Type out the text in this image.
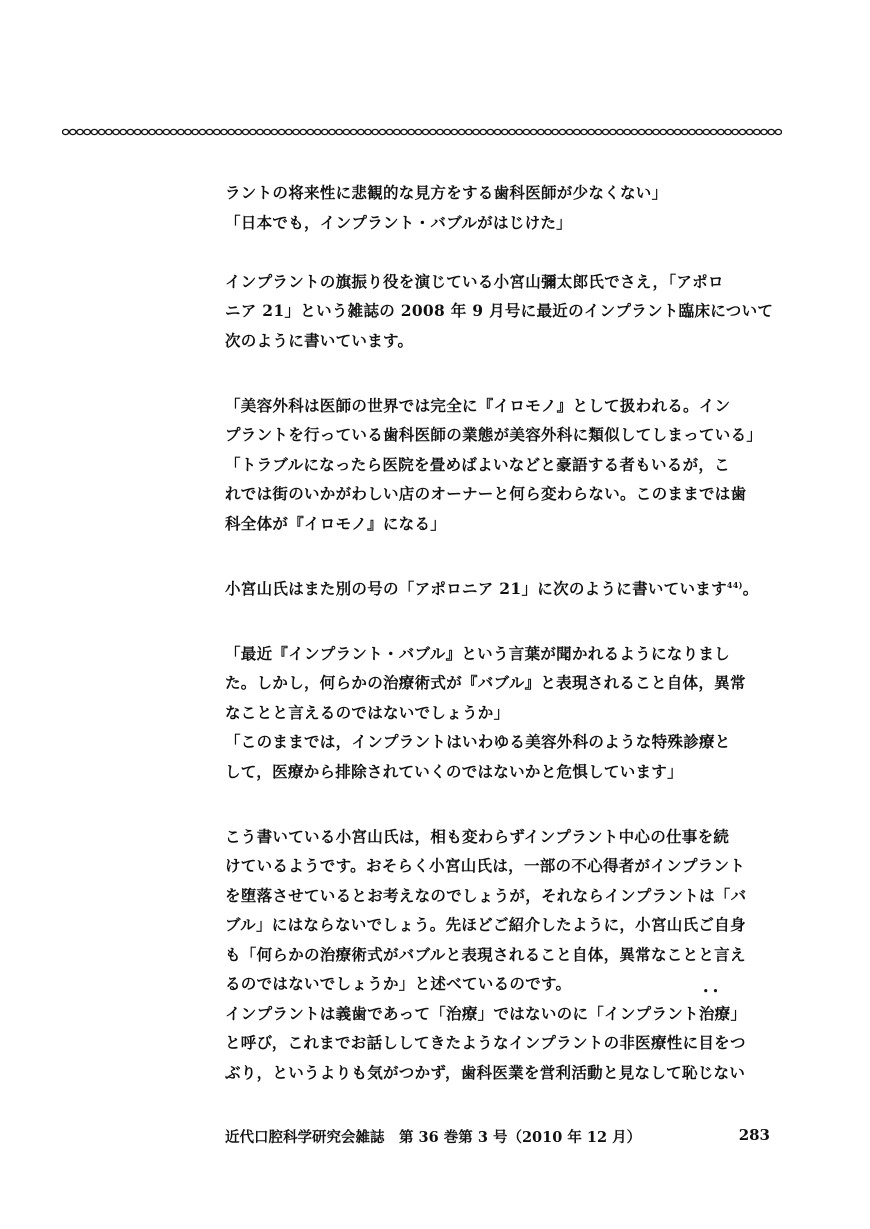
ラントの将来性に悲観的な見方をする歯科医師が少なくない」

「日本でも，インプラント・バブルがはじけた」

インプラントの旗振り役を演じている小宮山彌太郎氏でさえ，「アポロ

ニア 21」という雑誌の 2008 年 9 月号に最近のインプラント臨床について

次のように書いています。

「美容外科は医師の世界では完全に『イロモノ』として扱われる。イン

プラントを行っている歯科医師の業態が美容外科に類似してしまっている」

「トラブルになったら医院を畳めばよいなどと豪語する者もいるが，こ

れでは街のいかがわしい店のオーナーと何ら変わらない。このままでは歯

科全体が『イロモノ』になる」

小宮山氏はまた別の号の「アポロニア 21」に次のように書いています$^{44)}$。

「最近『インプラント・バブル』という言葉が聞かれるようになりまし

た。しかし，何らかの治療術式が『バブル』と表現されること自体，異常

なことと言えるのではないでしょうか」

「このままでは，インプラントはいわゆる美容外科のような特殊診療と

して，医療から排除されていくのではないかと危惧しています」

こう書いている小宮山氏は，相も変わらずインプラント中心の仕事を続

けているようです。おそらく小宮山氏は，一部の不心得者がインプラント

を堕落させているとお考えなのでしょうが，それならインプラントは「バ

ブル」にはならないでしょう。先ほどご紹介したように，小宮山氏ご自身

も「何らかの治療術式がバブルと表現されること自体，異常なことと言え

るのではないでしょうか」と述べているのです。

インプラントは義歯であって「治療」ではないのに「インプラント•• 治療」

と呼び，これまでお話ししてきたようなインプラントの非医療性に目をつ

ぶり，というよりも気がつかず，歯科医業を営利活動と見なして恥じない

近代口腔科学研究会雑誌　第 36 巻第 3 号（2010 年 12 月）	283
